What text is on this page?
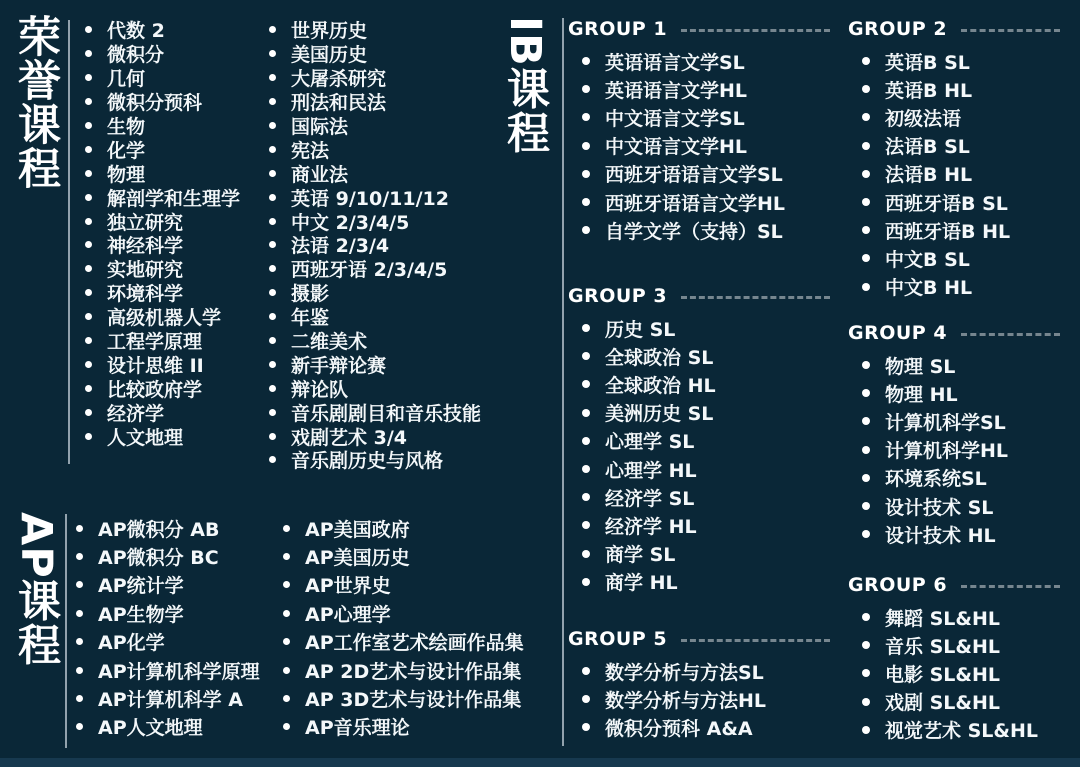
荣誉课程 代数 2
微积分
几何
微积分预科
生物
化学
物理
解剖学和生理学
独立研究
神经科学
实地研究
环境科学
高级机器人学
工程学原理
设计思维 II
比较政府学
经济学
人文地理
世界历史
美国历史
大屠杀研究
刑法和民法
国际法
宪法
商业法
英语 9/10/11/12
中文 2/3/4/5
法语 2/3/4
西班牙语 2/3/4/5
摄影
年鉴
二维美术
新手辩论赛
辩论队
音乐剧剧目和音乐技能
戏剧艺术 3/4
音乐剧历史与风格
AP课程 AP微积分 AB
AP微积分 BC
AP统计学
AP生物学
AP化学
AP计算机科学原理
AP计算机科学 A
AP人文地理
AP美国政府
AP美国历史
AP世界史
AP心理学
AP工作室艺术绘画作品集
AP 2D艺术与设计作品集
AP 3D艺术与设计作品集
AP音乐理论
IB课程 GROUP 1
英语语言文学SL
英语语言文学HL
中文语言文学SL
中文语言文学HL
西班牙语语言文学SL
西班牙语语言文学HL
自学文学（支持）SL
GROUP 2
英语B SL
英语B HL
初级法语
法语B SL
法语B HL
西班牙语B SL
西班牙语B HL
中文B SL
中文B HL
GROUP 3
历史 SL
全球政治 SL
全球政治 HL
美洲历史 SL
心理学 SL
心理学 HL
经济学 SL
经济学 HL
商学 SL
商学 HL
GROUP 4
物理 SL
物理 HL
计算机科学SL
计算机科学HL
环境系统SL
设计技术 SL
设计技术 HL
GROUP 5
数学分析与方法SL
数学分析与方法HL
微积分预科 A&A
GROUP 6
舞蹈 SL&HL
音乐 SL&HL
电影 SL&HL
戏剧 SL&HL
视觉艺术 SL&HL
